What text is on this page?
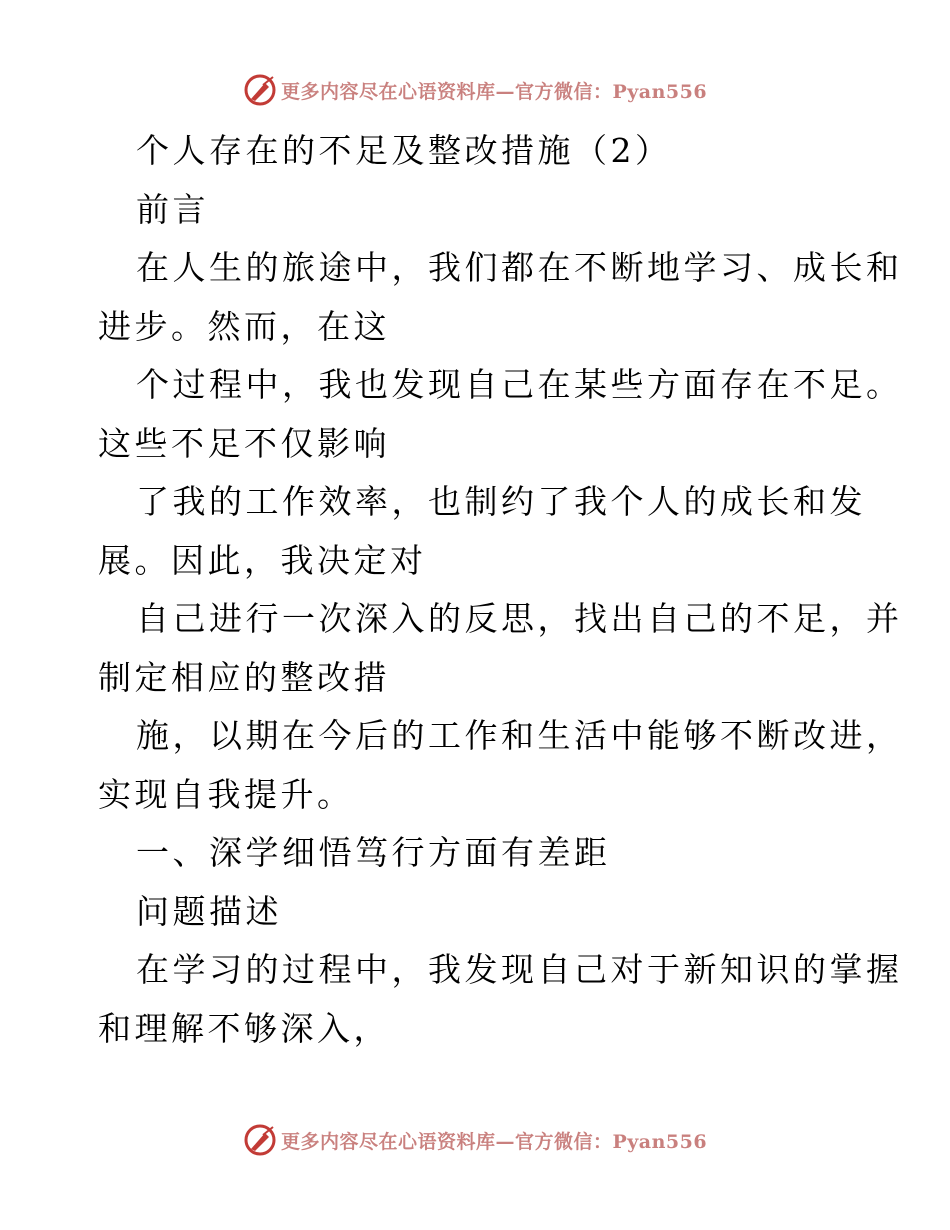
更多内容尽在心语资料库—官方微信：Pyan556
个人存在的不足及整改措施（2）
前言
在人生的旅途中，我们都在不断地学习、成长和
进步。然而，在这
个过程中，我也发现自己在某些方面存在不足。
这些不足不仅影响
了我的工作效率，也制约了我个人的成长和发
展。因此，我决定对
自己进行一次深入的反思，找出自己的不足，并
制定相应的整改措
施，以期在今后的工作和生活中能够不断改进，
实现自我提升。
一、深学细悟笃行方面有差距
问题描述
在学习的过程中，我发现自己对于新知识的掌握
和理解不够深入，
更多内容尽在心语资料库—官方微信：Pyan556
